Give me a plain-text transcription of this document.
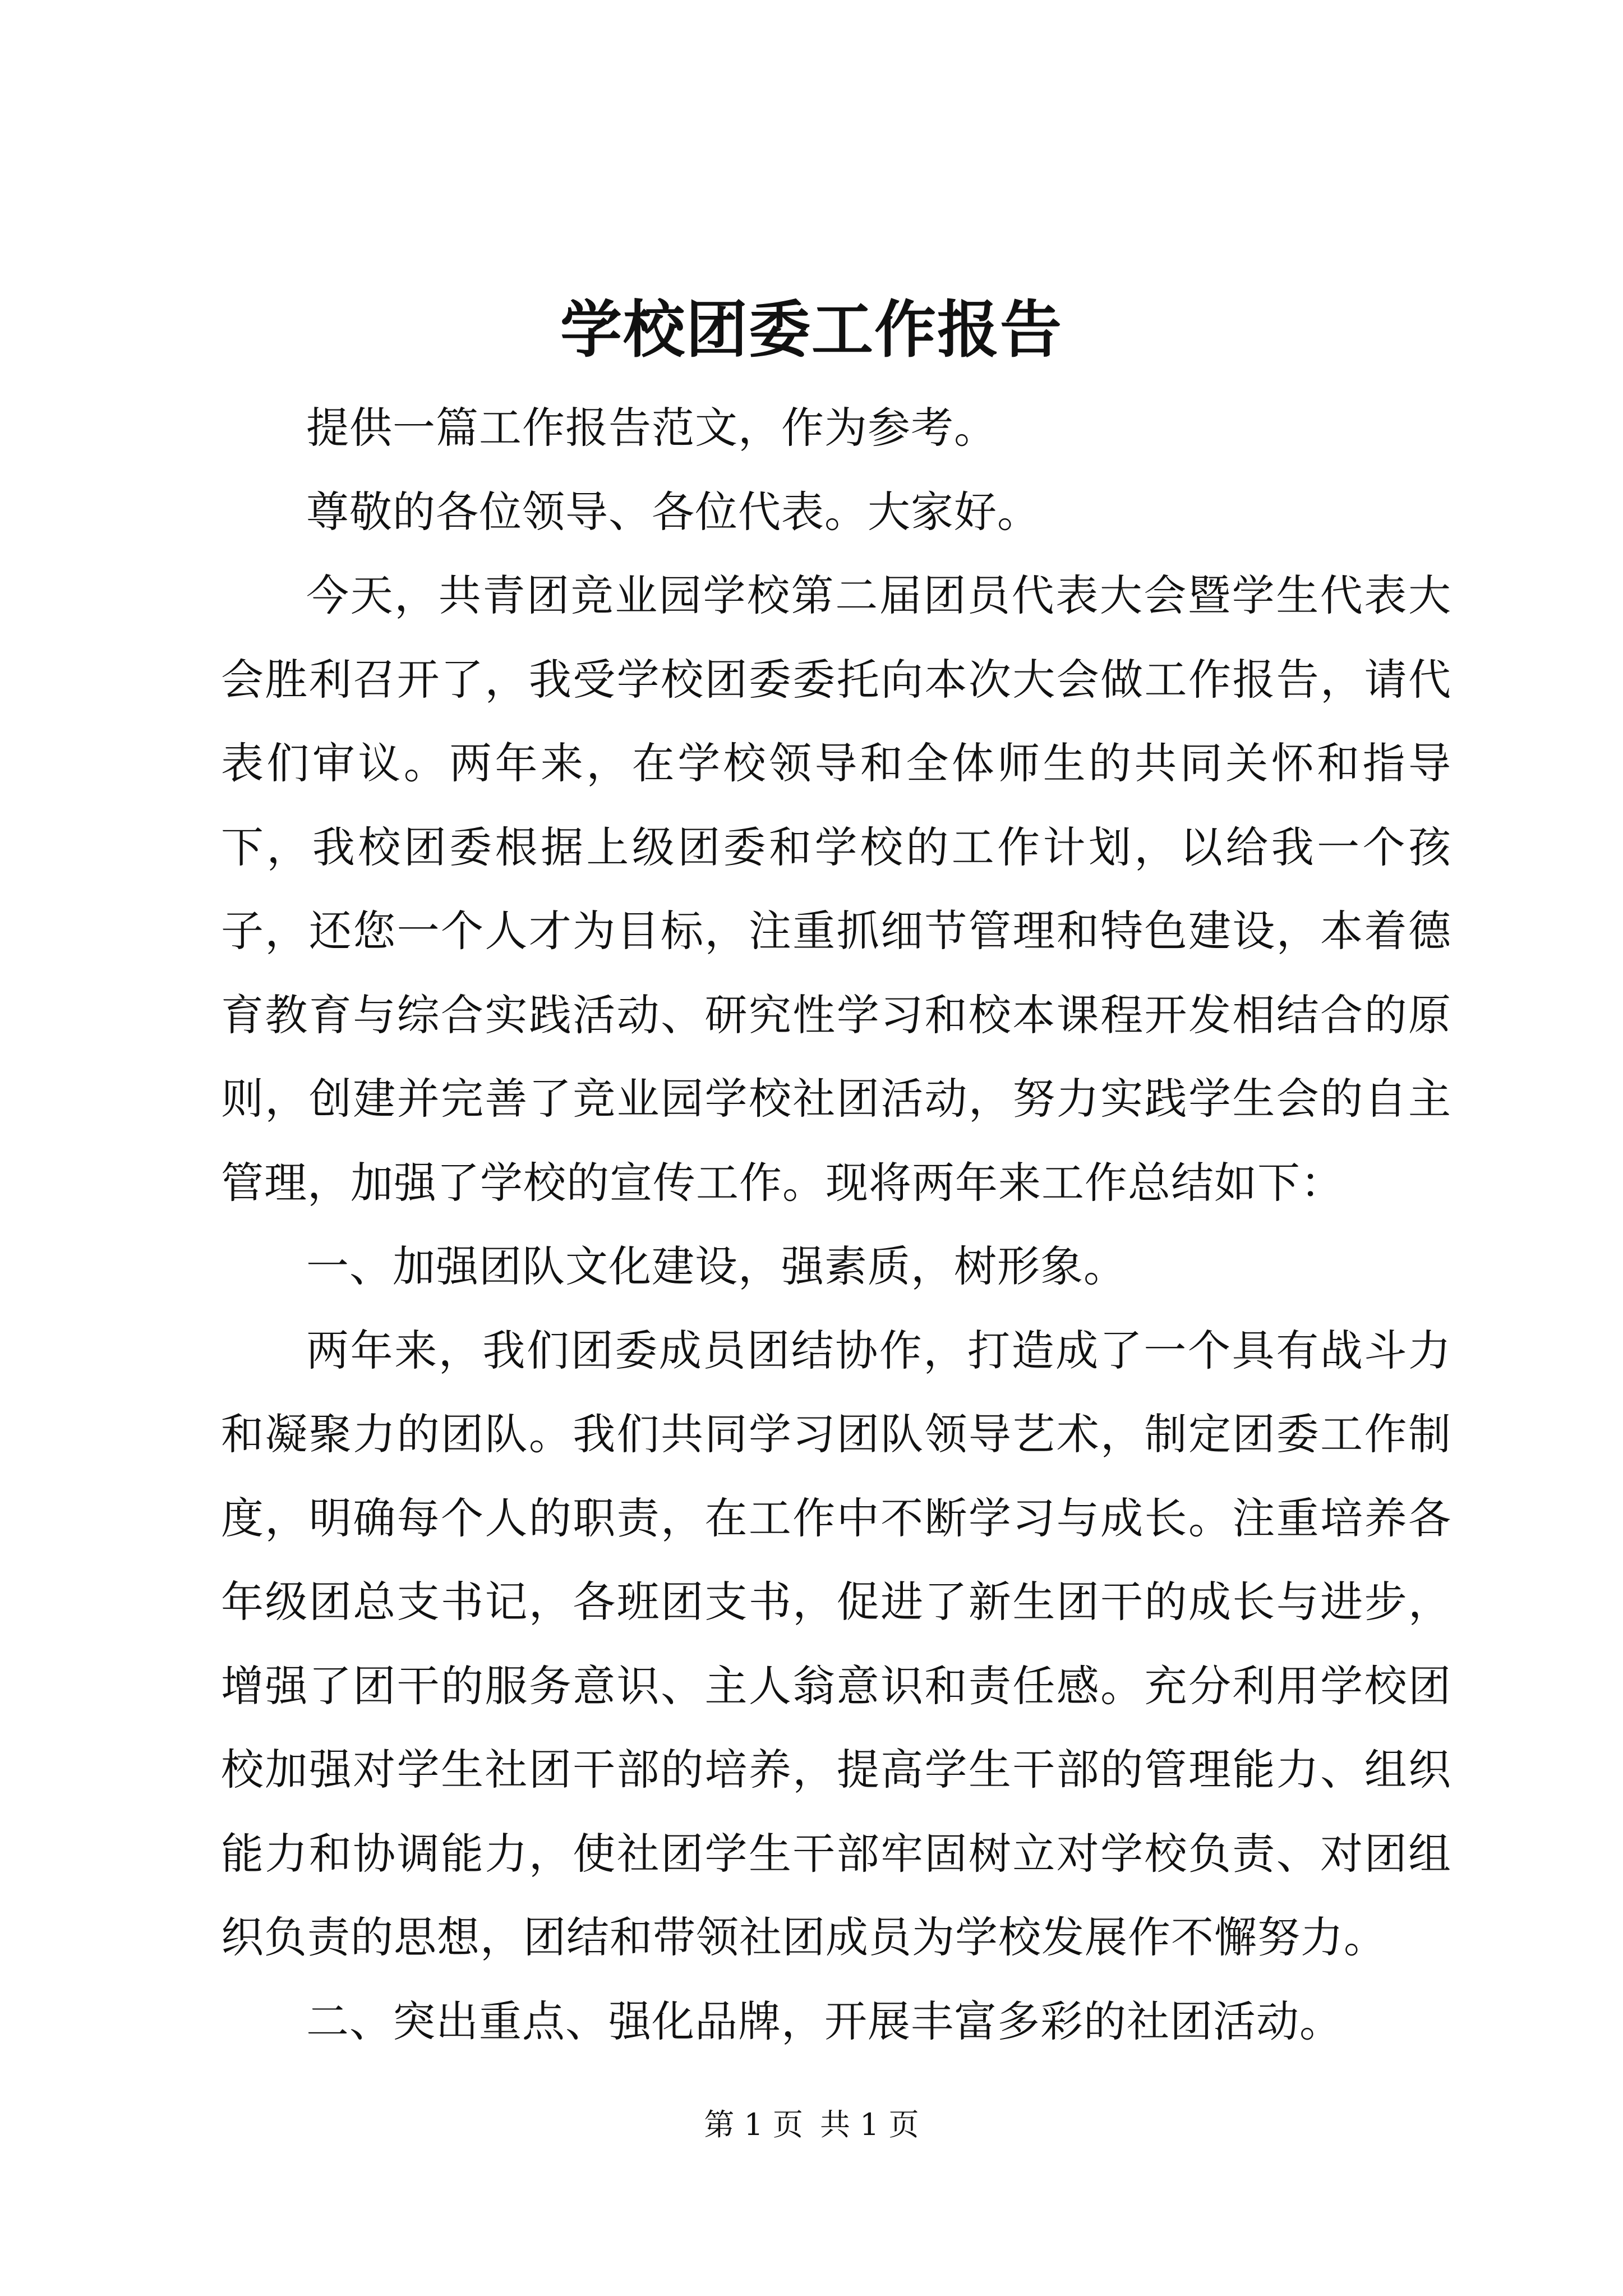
学校团委工作报告

提供一篇工作报告范文，作为参考。

尊敬的各位领导、各位代表。大家好。

今天，共青团竞业园学校第二届团员代表大会暨学生代表大会胜利召开了，我受学校团委委托向本次大会做工作报告，请代表们审议。两年来，在学校领导和全体师生的共同关怀和指导下，我校团委根据上级团委和学校的工作计划，以给我一个孩子，还您一个人才为目标，注重抓细节管理和特色建设，本着德育教育与综合实践活动、研究性学习和校本课程开发相结合的原则，创建并完善了竞业园学校社团活动，努力实践学生会的自主管理，加强了学校的宣传工作。现将两年来工作总结如下：

一、加强团队文化建设，强素质，树形象。

两年来，我们团委成员团结协作，打造成了一个具有战斗力和凝聚力的团队。我们共同学习团队领导艺术，制定团委工作制度，明确每个人的职责，在工作中不断学习与成长。注重培养各年级团总支书记，各班团支书，促进了新生团干的成长与进步，增强了团干的服务意识、主人翁意识和责任感。充分利用学校团校加强对学生社团干部的培养，提高学生干部的管理能力、组织能力和协调能力，使社团学生干部牢固树立对学校负责、对团组织负责的思想，团结和带领社团成员为学校发展作不懈努力。

二、突出重点、强化品牌，开展丰富多彩的社团活动。

第 1 页 共 1 页
